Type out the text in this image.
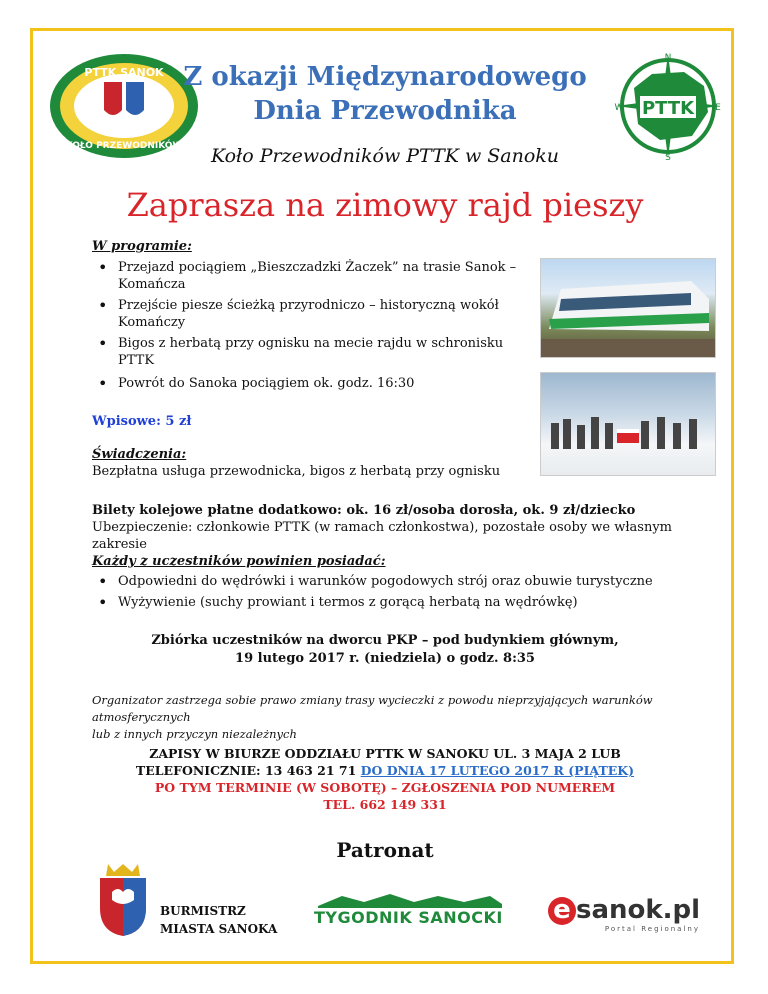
PTTK SANOK
KOŁO PRZEWODNIKÓW
PTTK
N
E
S
W
Z okazji Międzynarodowego
Dnia Przewodnika
Koło Przewodników PTTK w Sanoku
Zaprasza na zimowy rajd pieszy
W programie:
• Przejazd pociągiem „Bieszczadzki Żaczek” na trasie Sanok – Komańcza
• Przejście piesze ścieżką przyrodniczo – historyczną wokół Komańczy
• Bigos z herbatą przy ognisku na mecie rajdu w schronisku PTTK
• Powrót do Sanoka pociągiem ok. godz. 16:30
Wpisowe: 5 zł
Świadczenia:
Bezpłatna usługa przewodnicka, bigos z herbatą przy ognisku
Bilety kolejowe płatne dodatkowo: ok. 16 zł/osoba dorosła, ok. 9 zł/dziecko
Ubezpieczenie: członkowie PTTK (w ramach członkostwa), pozostałe osoby we własnym zakresie
Każdy z uczestników powinien posiadać:
• Odpowiedni do wędrówki i warunków pogodowych strój oraz obuwie turystyczne
• Wyżywienie (suchy prowiant i termos z gorącą herbatą na wędrówkę)
Zbiórka uczestników na dworcu PKP – pod budynkiem głównym,
19 lutego 2017 r. (niedziela) o godz. 8:35
Organizator zastrzega sobie prawo zmiany trasy wycieczki z powodu nieprzyjających warunków atmosferycznych
lub z innych przyczyn niezależnych
ZAPISY W BIURZE ODDZIAŁU PTTK W SANOKU UL. 3 MAJA 2 LUB
TELEFONICZNIE: 13 463 21 71 DO DNIA 17 LUTEGO 2017 R (PIĄTEK)
PO TYM TERMINIE (W SOBOTĘ) – ZGŁOSZENIA POD NUMEREM
TEL. 662 149 331
Patronat
BURMISTRZ
MIASTA SANOKA
TYGODNIK SANOCKI e sanok.pl
Portal Regionalny
